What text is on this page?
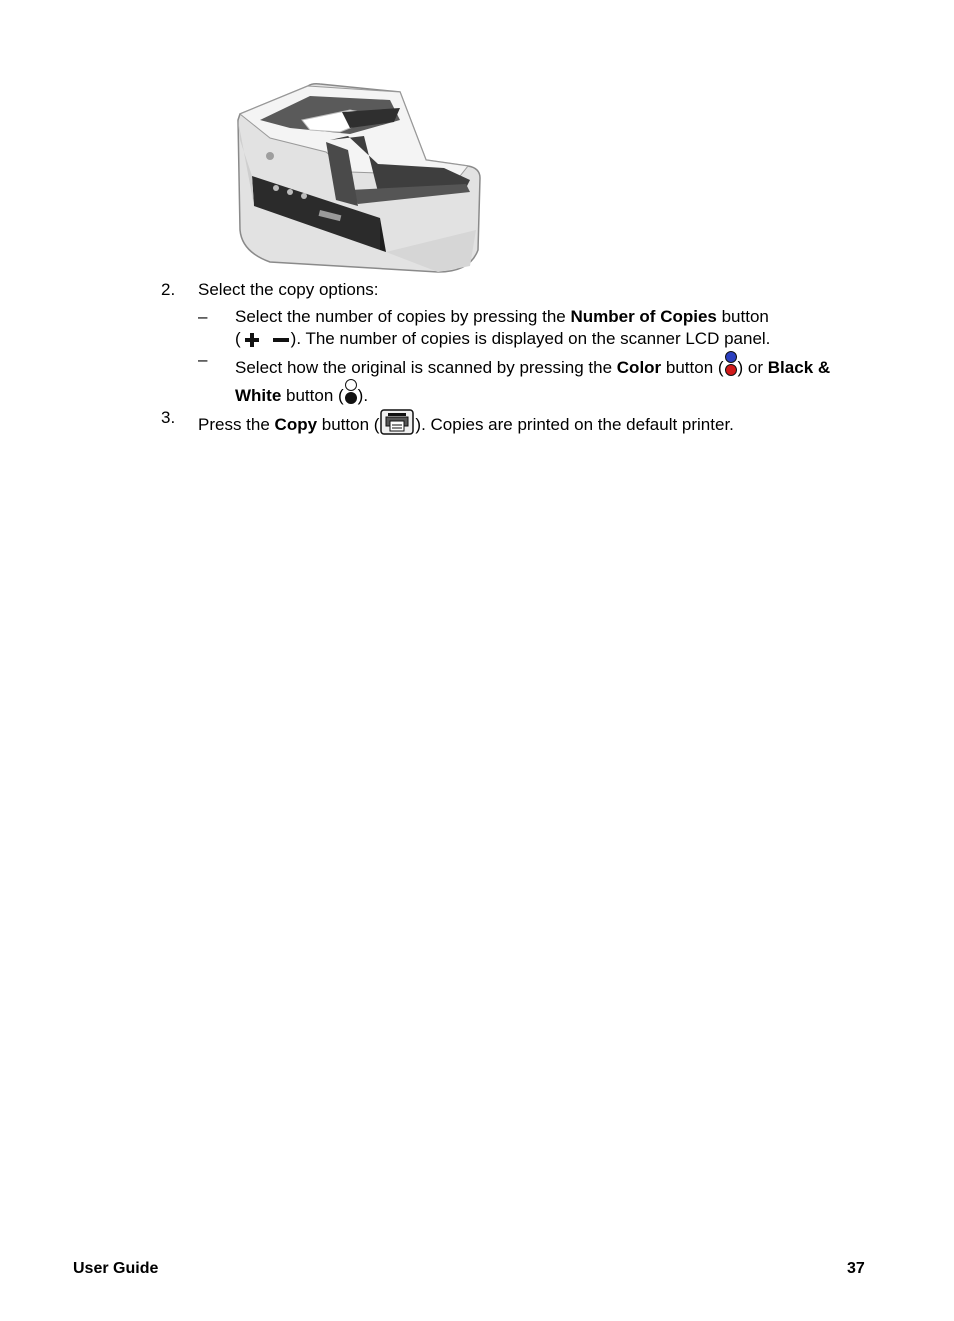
2. Select the copy options:
– Select the number of copies by pressing the Number of Copies button
(	). The number of copies is displayed on the scanner LCD panel.
– Select how the original is scanned by pressing the Color button ( ) or Black &
White button ( ).
3. Press the Copy button ( ). Copies are printed on the default printer.
User Guide	37
